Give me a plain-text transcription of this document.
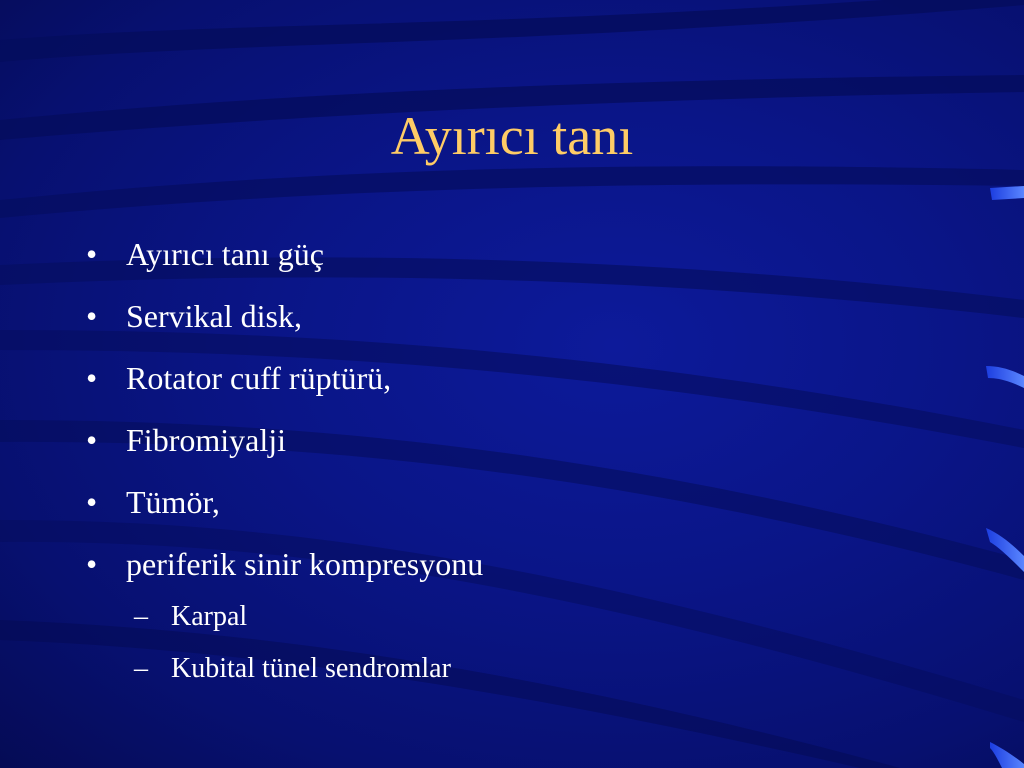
Ayırıcı tanı
• Ayırıcı tanı güç
• Servikal disk,
• Rotator cuff rüptürü,
• Fibromiyalji
• Tümör,
• periferik sinir kompresyonu
– Karpal
– Kubital tünel sendromlar
